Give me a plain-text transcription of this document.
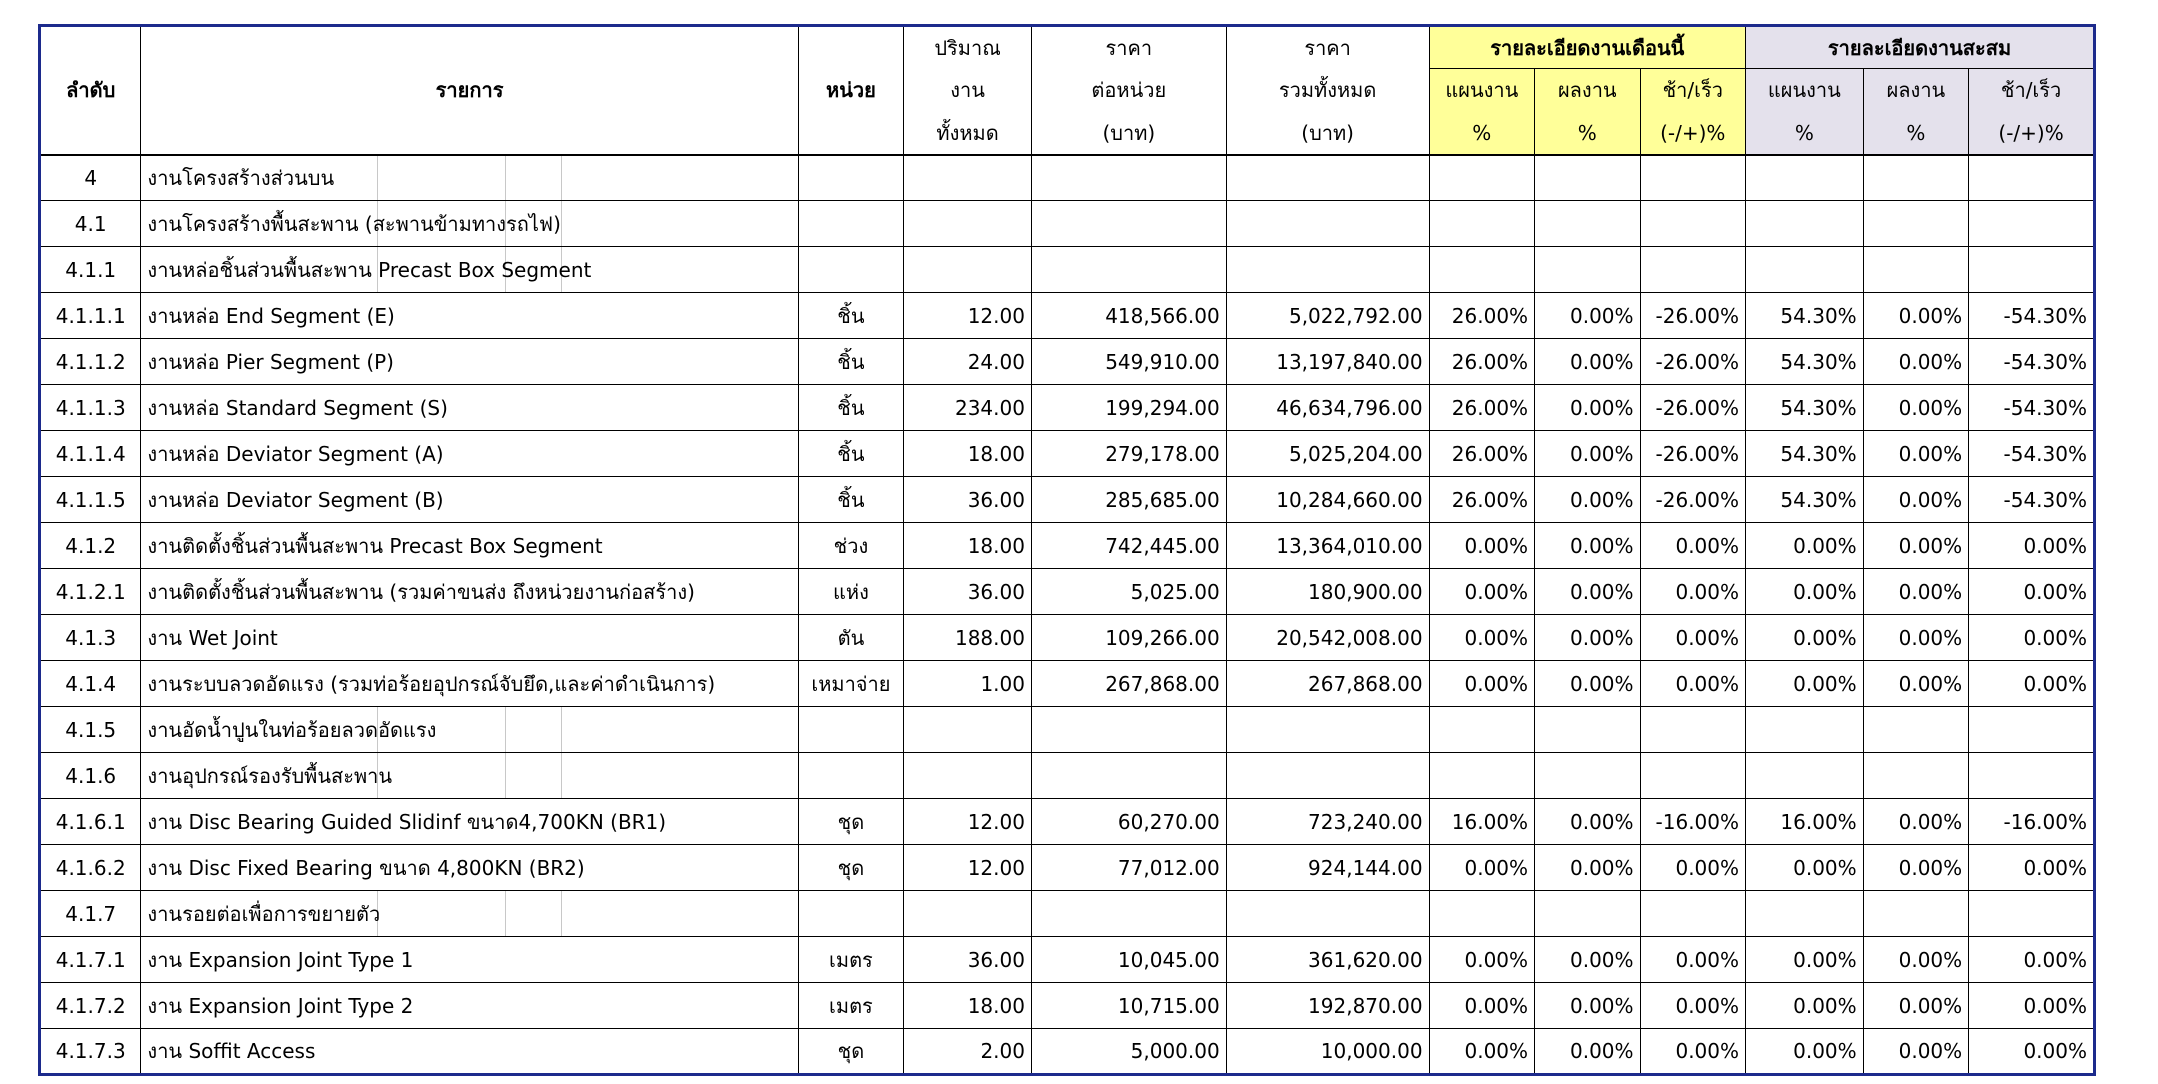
ลำดับ	รายการ	หน่วย	ปริมาณ	ราคา	ราคา	รายละเอียดงานเดือนนี้			รายละเอียดงานสะสม		
			งาน	ต่อหน่วย	รวมทั้งหมด	แผนงาน	ผลงาน	ช้า/เร็ว	แผนงาน	ผลงาน	ช้า/เร็ว
			ทั้งหมด	(บาท)	(บาท)	%	%	(-/+)%	%	%	(-/+)%
4	งานโครงสร้างส่วนบน										
4.1	งานโครงสร้างพื้นสะพาน (สะพานข้ามทางรถไฟ)										
4.1.1	งานหล่อชิ้นส่วนพื้นสะพาน Precast Box Segment										
4.1.1.1	งานหล่อ End Segment (E)	ชิ้น	12.00	418,566.00	5,022,792.00	26.00%	0.00%	-26.00%	54.30%	0.00%	-54.30%
4.1.1.2	งานหล่อ Pier Segment (P)	ชิ้น	24.00	549,910.00	13,197,840.00	26.00%	0.00%	-26.00%	54.30%	0.00%	-54.30%
4.1.1.3	งานหล่อ Standard Segment (S)	ชิ้น	234.00	199,294.00	46,634,796.00	26.00%	0.00%	-26.00%	54.30%	0.00%	-54.30%
4.1.1.4	งานหล่อ Deviator Segment (A)	ชิ้น	18.00	279,178.00	5,025,204.00	26.00%	0.00%	-26.00%	54.30%	0.00%	-54.30%
4.1.1.5	งานหล่อ Deviator Segment (B)	ชิ้น	36.00	285,685.00	10,284,660.00	26.00%	0.00%	-26.00%	54.30%	0.00%	-54.30%
4.1.2	งานติดตั้งชิ้นส่วนพื้นสะพาน Precast Box Segment	ช่วง	18.00	742,445.00	13,364,010.00	0.00%	0.00%	0.00%	0.00%	0.00%	0.00%
4.1.2.1	งานติดตั้งชิ้นส่วนพื้นสะพาน (รวมค่าขนส่ง ถึงหน่วยงานก่อสร้าง)	แห่ง	36.00	5,025.00	180,900.00	0.00%	0.00%	0.00%	0.00%	0.00%	0.00%
4.1.3	งาน Wet Joint	ตัน	188.00	109,266.00	20,542,008.00	0.00%	0.00%	0.00%	0.00%	0.00%	0.00%
4.1.4	งานระบบลวดอัดแรง (รวมท่อร้อยอุปกรณ์จับยึด,และค่าดำเนินการ)	เหมาจ่าย	1.00	267,868.00	267,868.00	0.00%	0.00%	0.00%	0.00%	0.00%	0.00%
4.1.5	งานอัดน้ำปูนในท่อร้อยลวดอัดแรง										
4.1.6	งานอุปกรณ์รองรับพื้นสะพาน										
4.1.6.1	งาน Disc Bearing Guided Slidinf ขนาด4,700KN (BR1)	ชุด	12.00	60,270.00	723,240.00	16.00%	0.00%	-16.00%	16.00%	0.00%	-16.00%
4.1.6.2	งาน Disc Fixed Bearing ขนาด 4,800KN (BR2)	ชุด	12.00	77,012.00	924,144.00	0.00%	0.00%	0.00%	0.00%	0.00%	0.00%
4.1.7	งานรอยต่อเพื่อการขยายตัว										
4.1.7.1	งาน Expansion Joint Type 1	เมตร	36.00	10,045.00	361,620.00	0.00%	0.00%	0.00%	0.00%	0.00%	0.00%
4.1.7.2	งาน Expansion Joint Type 2	เมตร	18.00	10,715.00	192,870.00	0.00%	0.00%	0.00%	0.00%	0.00%	0.00%
4.1.7.3	งาน Soffit Access	ชุด	2.00	5,000.00	10,000.00	0.00%	0.00%	0.00%	0.00%	0.00%	0.00%
